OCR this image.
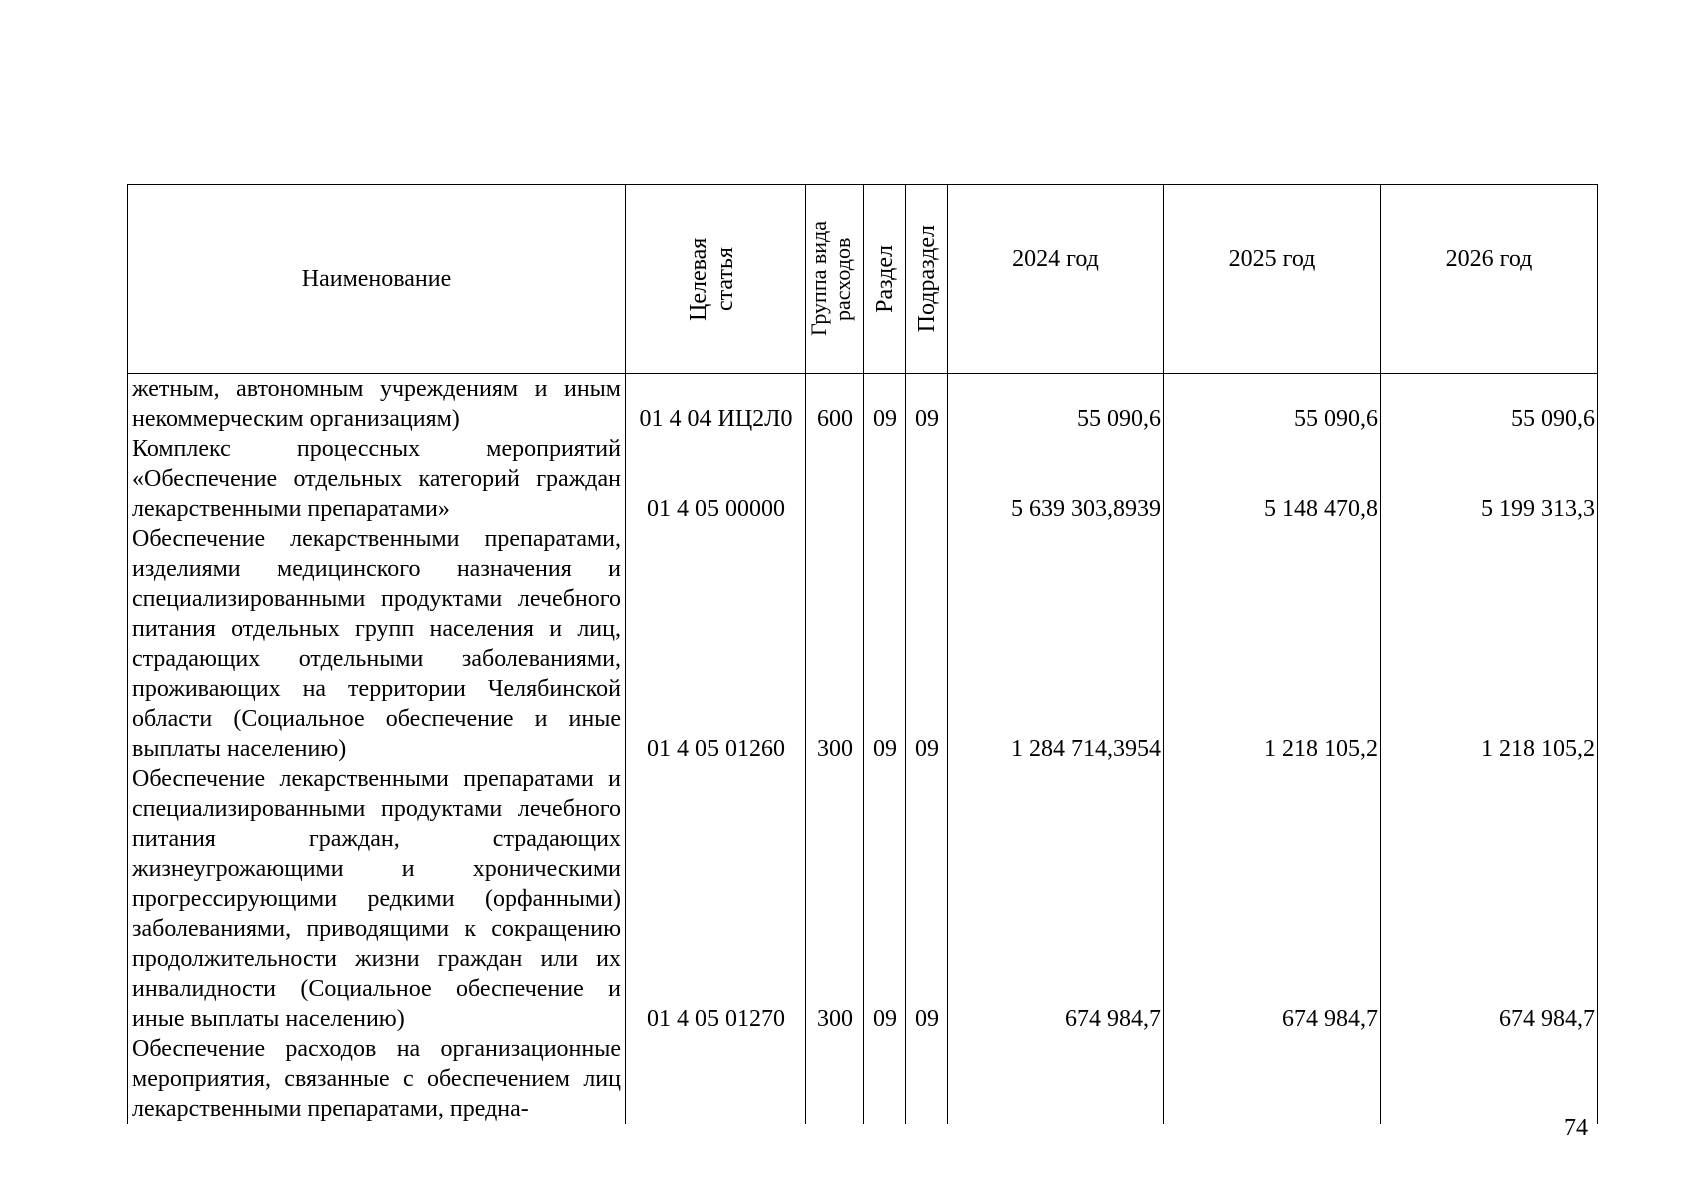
Наименование	Целевая статья	Группа вида расходов	Раздел	Подраздел	2024 год	2025 год	2026 год
жетным, автономным учреждениям и иным некоммерческим организациям)	01 4 04 ИЦ2Л0	600	09	09	55 090,6	55 090,6	55 090,6
Комплекс процессных мероприятий «Обеспечение отдельных категорий граждан лекарственными препаратами»	01 4 05 00000				5 639 303,8939	5 148 470,8	5 199 313,3
Обеспечение лекарственными препаратами, изделиями медицинского назначения и специализированными продуктами лечебного питания отдельных групп населения и лиц, страдающих отдельными заболеваниями, проживающих на территории Челябинской области (Социальное обеспечение и иные выплаты населению)	01 4 05 01260	300	09	09	1 284 714,3954	1 218 105,2	1 218 105,2
Обеспечение лекарственными препаратами и специализированными продуктами лечебного питания граждан, страдающих жизнеугрожающими и хроническими прогрессирующими редкими (орфанными) заболеваниями, приводящими к сокращению продолжительности жизни граждан или их инвалидности (Социальное обеспечение и иные выплаты населению)	01 4 05 01270	300	09	09	674 984,7	674 984,7	674 984,7
Обеспечение расходов на организационные мероприятия, связанные с обеспечением лиц лекарственными препаратами, предна-							
74
